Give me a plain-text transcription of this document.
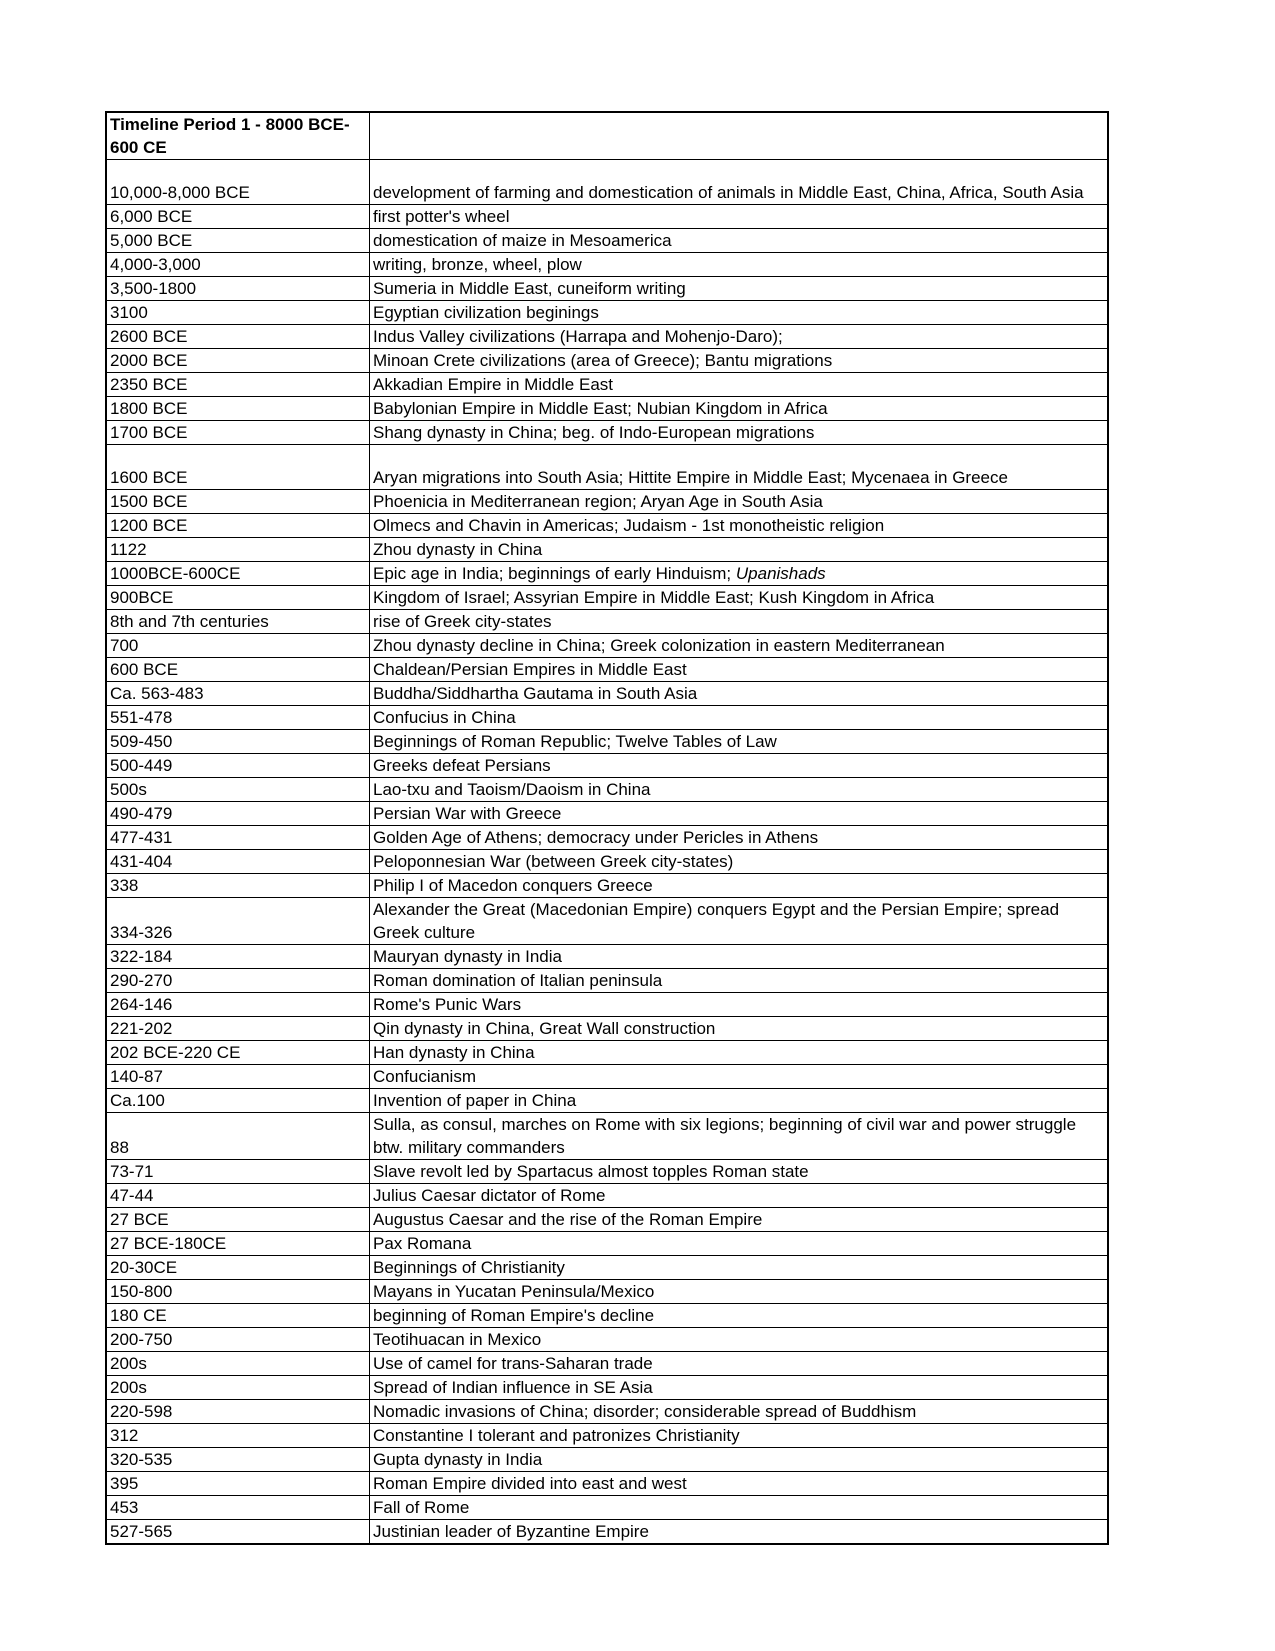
Timeline Period 1 - 8000 BCE-600 CE	
10,000-8,000 BCE	development of farming and domestication of animals in Middle East, China, Africa, South Asia
6,000 BCE	first potter's wheel
5,000 BCE	domestication of maize in Mesoamerica
4,000-3,000	writing, bronze, wheel, plow
3,500-1800	Sumeria in Middle East, cuneiform writing
3100	Egyptian civilization beginings
2600 BCE	Indus Valley civilizations (Harrapa and Mohenjo-Daro);
2000 BCE	Minoan Crete civilizations (area of Greece); Bantu migrations
2350 BCE	Akkadian Empire in Middle East
1800 BCE	Babylonian Empire in Middle East; Nubian Kingdom in Africa
1700 BCE	Shang dynasty in China; beg. of Indo-European migrations
1600 BCE	Aryan migrations into South Asia; Hittite Empire in Middle East; Mycenaea in Greece
1500 BCE	Phoenicia in Mediterranean region; Aryan Age in South Asia
1200 BCE	Olmecs and Chavin in Americas; Judaism - 1st monotheistic religion
1122	Zhou dynasty in China
1000BCE-600CE	Epic age in India; beginnings of early Hinduism; Upanishads
900BCE	Kingdom of Israel; Assyrian Empire in Middle East; Kush Kingdom in Africa
8th and 7th centuries	rise of Greek city-states
700	Zhou dynasty decline in China; Greek colonization in eastern Mediterranean
600 BCE	Chaldean/Persian Empires in Middle East
Ca. 563-483	Buddha/Siddhartha Gautama in South Asia
551-478	Confucius in China
509-450	Beginnings of Roman Republic; Twelve Tables of Law
500-449	Greeks defeat Persians
500s	Lao-txu and Taoism/Daoism in China
490-479	Persian War with Greece
477-431	Golden Age of Athens; democracy under Pericles in Athens
431-404	Peloponnesian War (between Greek city-states)
338	Philip I of Macedon conquers Greece
334-326	Alexander the Great (Macedonian Empire) conquers Egypt and the Persian Empire; spread Greek culture
322-184	Mauryan dynasty in India
290-270	Roman domination of Italian peninsula
264-146	Rome's Punic Wars
221-202	Qin dynasty in China, Great Wall construction
202 BCE-220 CE	Han dynasty in China
140-87	Confucianism
Ca.100	Invention of paper in China
88	Sulla, as consul, marches on Rome with six legions; beginning of civil war and power struggle btw. military commanders
73-71	Slave revolt led by Spartacus almost topples Roman state
47-44	Julius Caesar dictator of Rome
27 BCE	Augustus Caesar and the rise of the Roman Empire
27 BCE-180CE	Pax Romana
20-30CE	Beginnings of Christianity
150-800	Mayans in Yucatan Peninsula/Mexico
180 CE	beginning of Roman Empire's decline
200-750	Teotihuacan in Mexico
200s	Use of camel for trans-Saharan trade
200s	Spread of Indian influence in SE Asia
220-598	Nomadic invasions of China; disorder; considerable spread of Buddhism
312	Constantine I tolerant and patronizes Christianity
320-535	Gupta dynasty in India
395	Roman Empire divided into east and west
453	Fall of Rome
527-565	Justinian leader of Byzantine Empire
